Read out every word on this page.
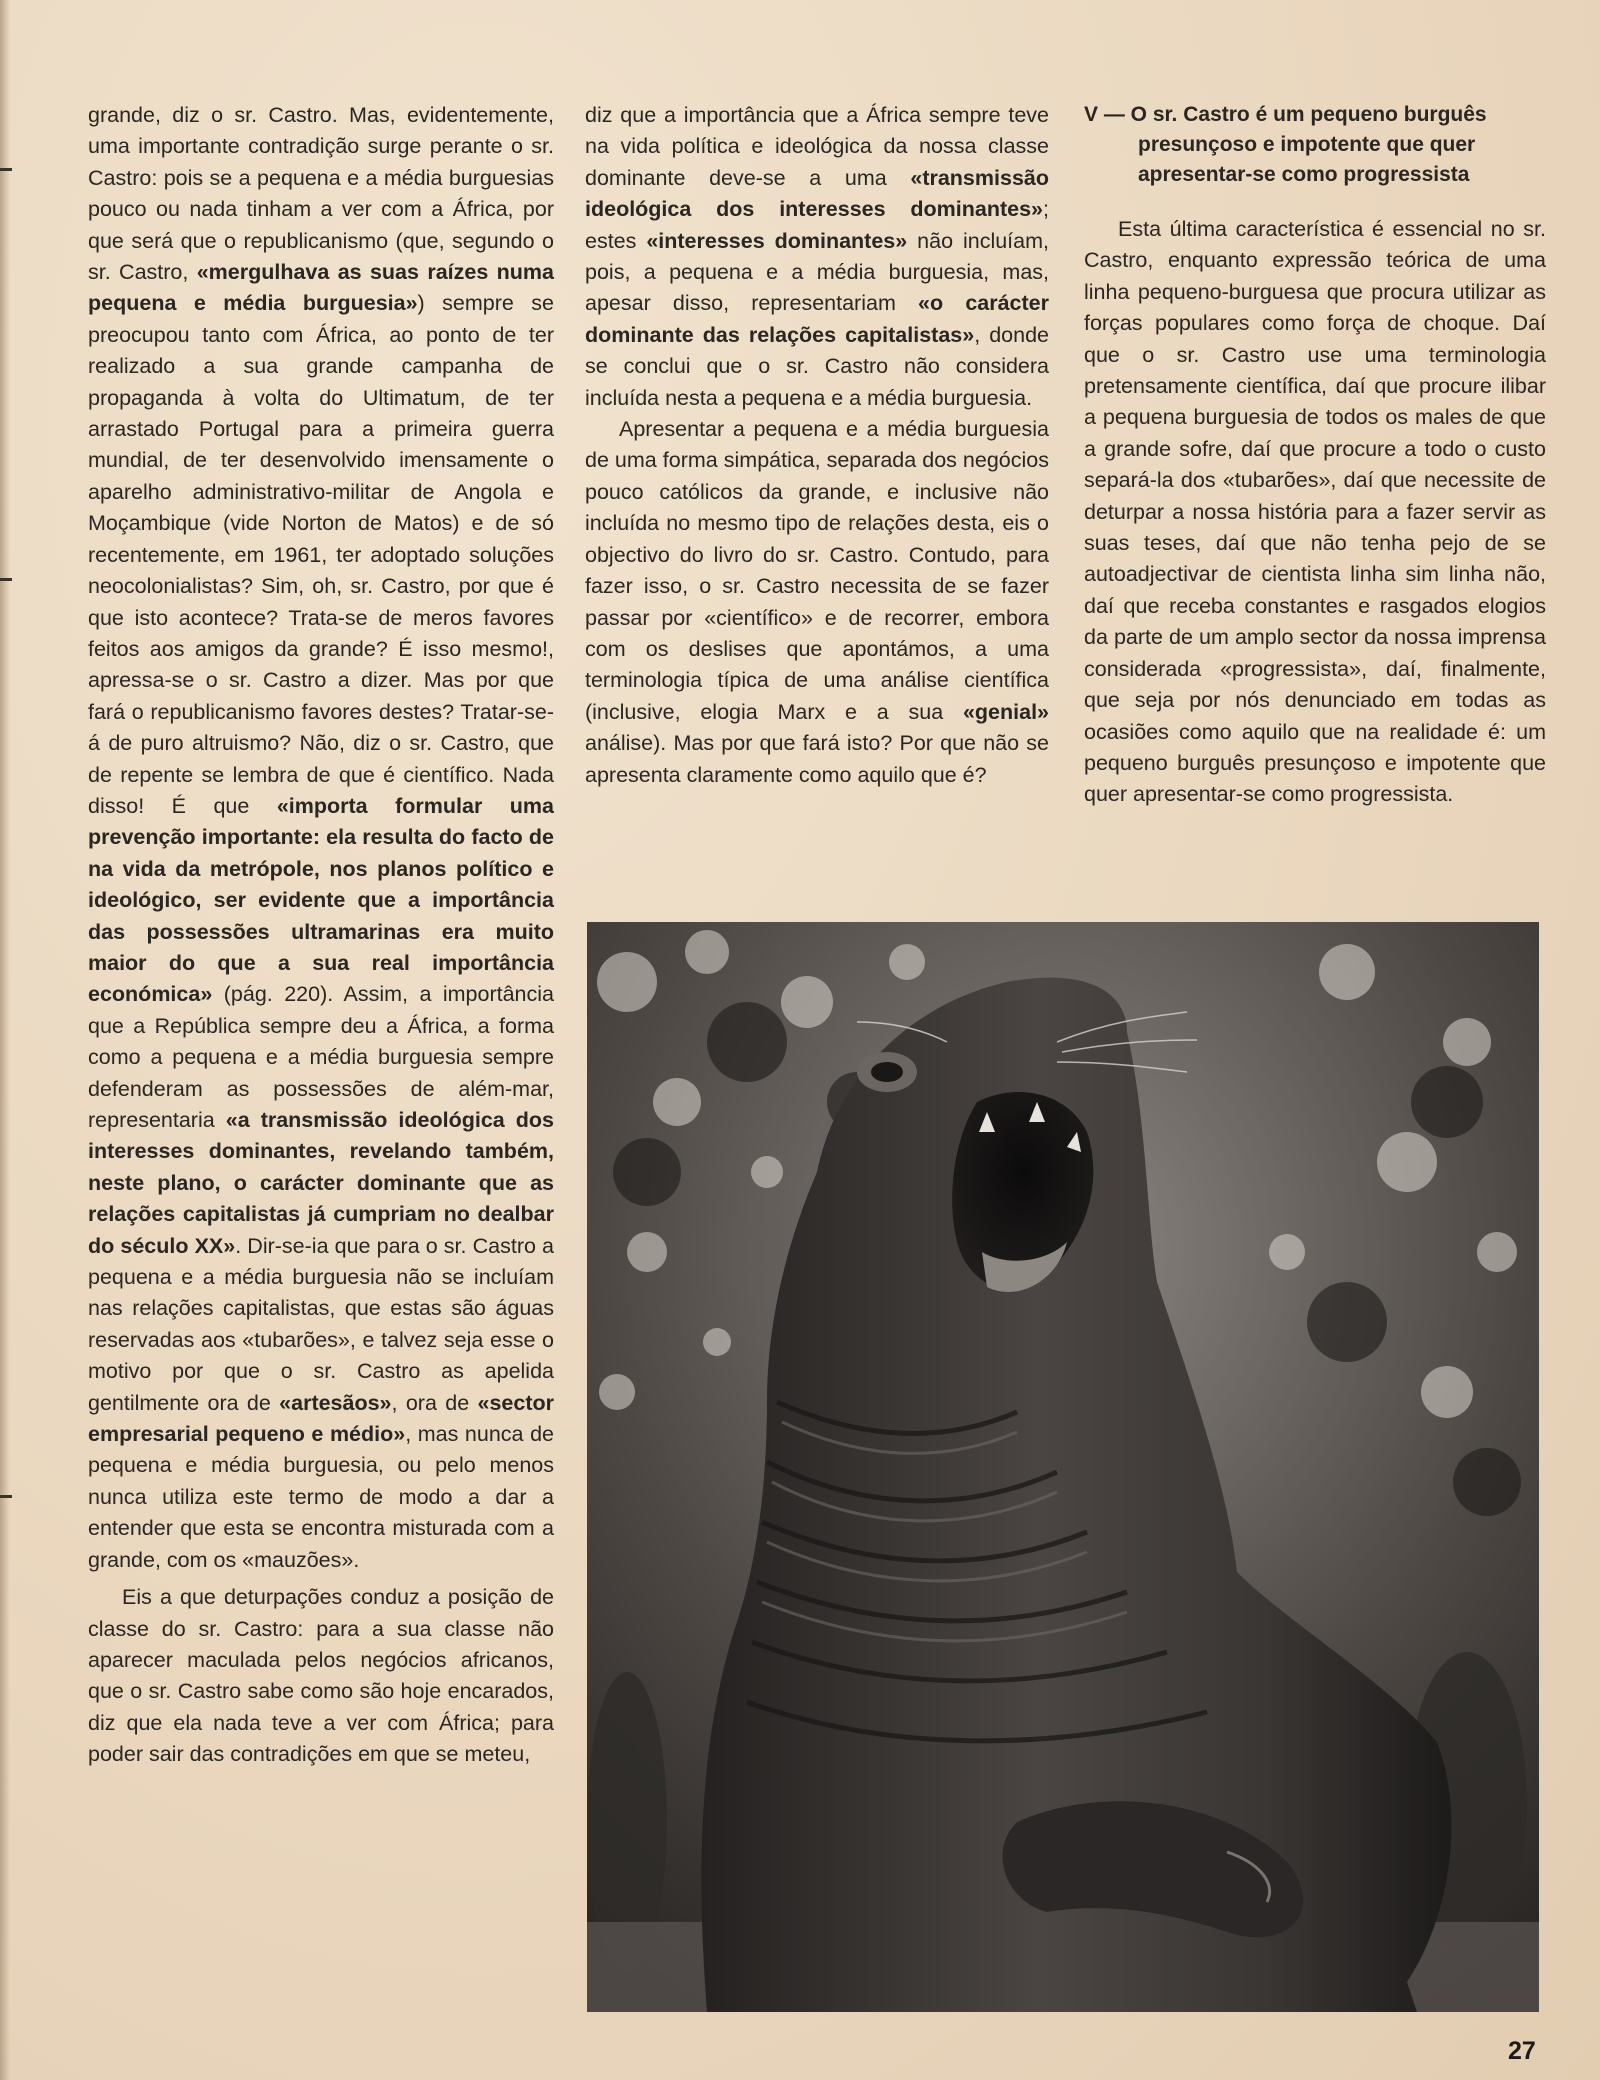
grande, diz o sr. Castro. Mas, evidentemente, uma importante contradição surge perante o sr. Castro: pois se a pequena e a média burguesias pouco ou nada tinham a ver com a África, por que será que o republicanismo (que, segundo o sr. Castro, «mergulhava as suas raízes numa pequena e média burguesia») sempre se preocupou tanto com África, ao ponto de ter realizado a sua grande campanha de propaganda à volta do Ultimatum, de ter arrastado Portugal para a primeira guerra mundial, de ter desenvolvido imensamente o aparelho administrativo-militar de Angola e Moçambique (vide Norton de Matos) e de só recentemente, em 1961, ter adoptado soluções neocolonialistas? Sim, oh, sr. Castro, por que é que isto acontece? Trata-se de meros favores feitos aos amigos da grande? É isso mesmo!, apressa-se o sr. Castro a dizer. Mas por que fará o republicanismo favores destes? Tratar-se-á de puro altruismo? Não, diz o sr. Castro, que de repente se lembra de que é científico. Nada disso! É que «importa formular uma prevenção importante: ela resulta do facto de na vida da metrópole, nos planos político e ideológico, ser evidente que a importância das possessões ultramarinas era muito maior do que a sua real importância económica» (pág. 220). Assim, a importância que a República sempre deu a África, a forma como a pequena e a média burguesia sempre defenderam as possessões de além-mar, representaria «a transmissão ideológica dos interesses dominantes, revelando também, neste plano, o carácter dominante que as relações capitalistas já cumpriam no dealbar do século XX». Dir-se-ia que para o sr. Castro a pequena e a média burguesia não se incluíam nas relações capitalistas, que estas são águas reservadas aos «tubarões», e talvez seja esse o motivo por que o sr. Castro as apelida gentilmente ora de «artesãos», ora de «sector empresarial pequeno e médio», mas nunca de pequena e média burguesia, ou pelo menos nunca utiliza este termo de modo a dar a entender que esta se encontra misturada com a grande, com os «mauzões».

Eis a que deturpações conduz a posição de classe do sr. Castro: para a sua classe não aparecer maculada pelos negócios africanos, que o sr. Castro sabe como são hoje encarados, diz que ela nada teve a ver com África; para poder sair das contradições em que se meteu,

diz que a importância que a África sempre teve na vida política e ideológica da nossa classe dominante deve-se a uma «transmissão ideológica dos interesses dominantes»; estes «interesses dominantes» não incluíam, pois, a pequena e a média burguesia, mas, apesar disso, representariam «o carácter dominante das relações capitalistas», donde se conclui que o sr. Castro não considera incluída nesta a pequena e a média burguesia.

Apresentar a pequena e a média burguesia de uma forma simpática, separada dos negócios pouco católicos da grande, e inclusive não incluída no mesmo tipo de relações desta, eis o objectivo do livro do sr. Castro. Contudo, para fazer isso, o sr. Castro necessita de se fazer passar por «científico» e de recorrer, embora com os deslises que apontámos, a uma terminologia típica de uma análise científica (inclusive, elogia Marx e a sua «genial» análise). Mas por que fará isto? Por que não se apresenta claramente como aquilo que é?

V — O sr. Castro é um pequeno burguês
presunçoso e impotente que quer
apresentar-se como progressista

Esta última característica é essencial no sr. Castro, enquanto expressão teórica de uma linha pequeno-burguesa que procura utilizar as forças populares como força de choque. Daí que o sr. Castro use uma terminologia pretensamente científica, daí que procure ilibar a pequena burguesia de todos os males de que a grande sofre, daí que procure a todo o custo separá-la dos «tubarões», daí que necessite de deturpar a nossa história para a fazer servir as suas teses, daí que não tenha pejo de se autoadjectivar de cientista linha sim linha não, daí que receba constantes e rasgados elogios da parte de um amplo sector da nossa imprensa considerada «progressista», daí, finalmente, que seja por nós denunciado em todas as ocasiões como aquilo que na realidade é: um pequeno burguês presunçoso e impotente que quer apresentar-se como progressista.

27
